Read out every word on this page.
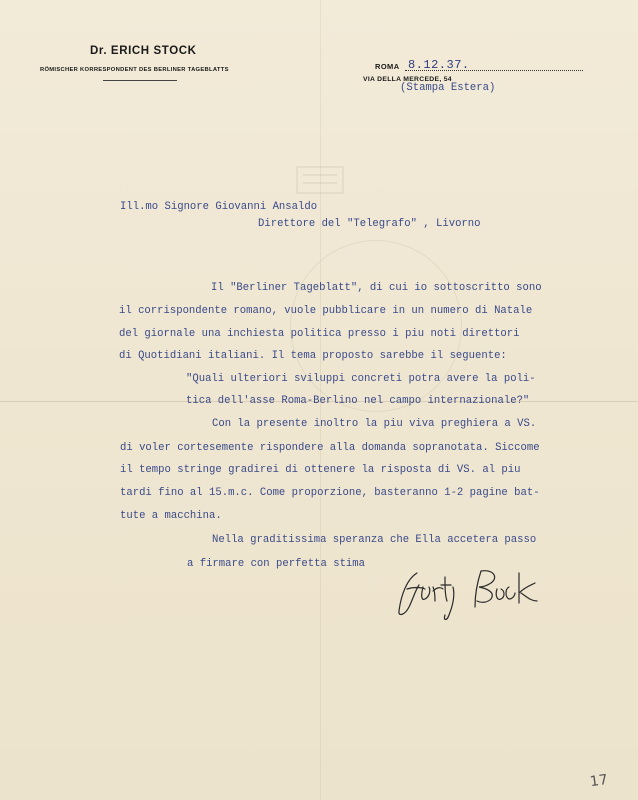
Dr. ERICH STOCK
RÖMISCHER KORRESPONDENT DES BERLINER TAGEBLATTS	ROMA 8.12.37.
VIA DELLA MERCEDE, 54
(Stampa Estera)
Ill.mo Signore Giovanni Ansaldo
Direttore del "Telegrafo" , Livorno
Il "Berliner Tageblatt", di cui io sottoscritto sono
il corrispondente romano, vuole pubblicare in un numero di Natale
del giornale una inchiesta politica presso i piu noti direttori
di Quotidiani italiani. Il tema proposto sarebbe il seguente:
"Quali ulteriori sviluppi concreti potra avere la poli-
tica dell'asse Roma-Berlino nel campo internazionale?"
Con la presente inoltro la piu viva preghiera a VS.
di voler cortesemente rispondere alla domanda sopranotata. Siccome
il tempo stringe gradirei di ottenere la risposta di VS. al piu
tardi fino al 15.m.c. Come proporzione, basteranno 1-2 pagine bat-
tute a macchina.
Nella graditissima speranza che Ella accetera passo
a firmare con perfetta stima	E. Stock
17
